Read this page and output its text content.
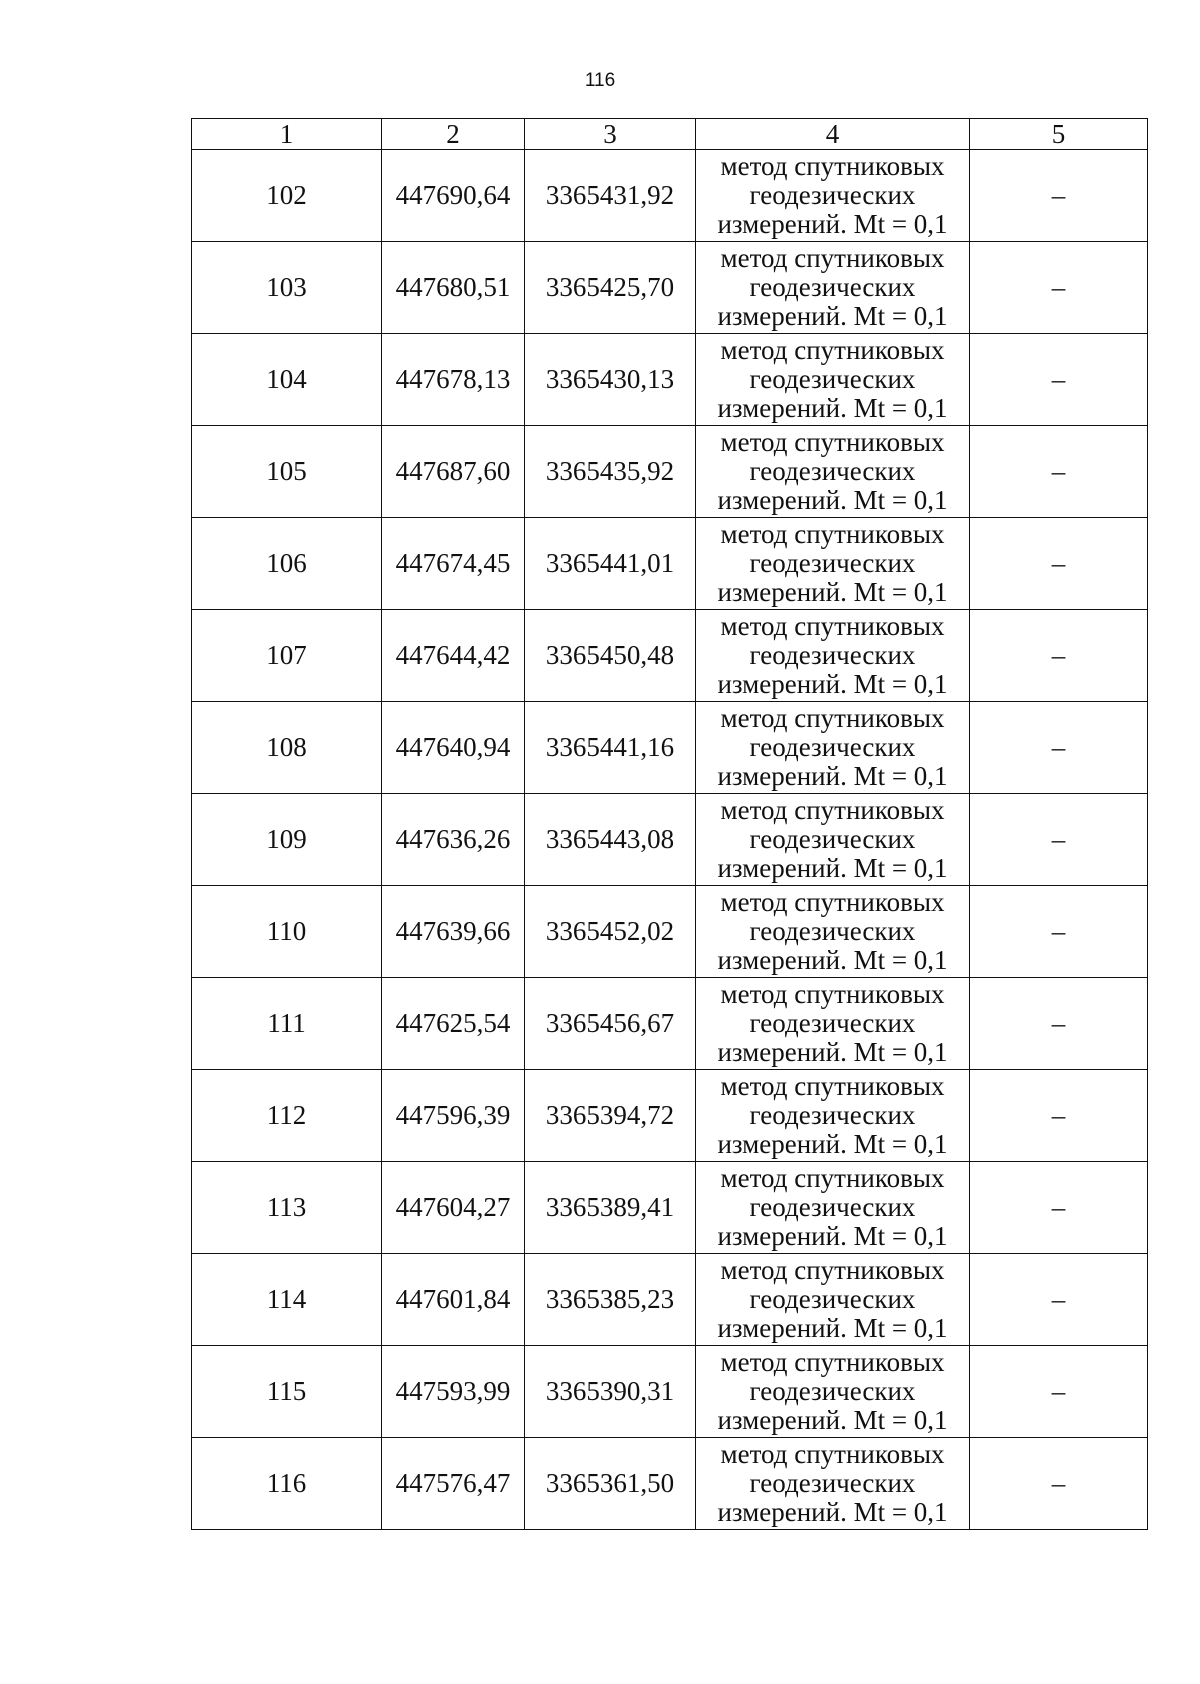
116
1	2	3	4	5
102	447690,64	3365431,92	метод спутниковых
геодезических
измерений. Mt = 0,1	–
103	447680,51	3365425,70	метод спутниковых
геодезических
измерений. Mt = 0,1	–
104	447678,13	3365430,13	метод спутниковых
геодезических
измерений. Mt = 0,1	–
105	447687,60	3365435,92	метод спутниковых
геодезических
измерений. Mt = 0,1	–
106	447674,45	3365441,01	метод спутниковых
геодезических
измерений. Mt = 0,1	–
107	447644,42	3365450,48	метод спутниковых
геодезических
измерений. Mt = 0,1	–
108	447640,94	3365441,16	метод спутниковых
геодезических
измерений. Mt = 0,1	–
109	447636,26	3365443,08	метод спутниковых
геодезических
измерений. Mt = 0,1	–
110	447639,66	3365452,02	метод спутниковых
геодезических
измерений. Mt = 0,1	–
111	447625,54	3365456,67	метод спутниковых
геодезических
измерений. Mt = 0,1	–
112	447596,39	3365394,72	метод спутниковых
геодезических
измерений. Mt = 0,1	–
113	447604,27	3365389,41	метод спутниковых
геодезических
измерений. Mt = 0,1	–
114	447601,84	3365385,23	метод спутниковых
геодезических
измерений. Mt = 0,1	–
115	447593,99	3365390,31	метод спутниковых
геодезических
измерений. Mt = 0,1	–
116	447576,47	3365361,50	метод спутниковых
геодезических
измерений. Mt = 0,1	–
